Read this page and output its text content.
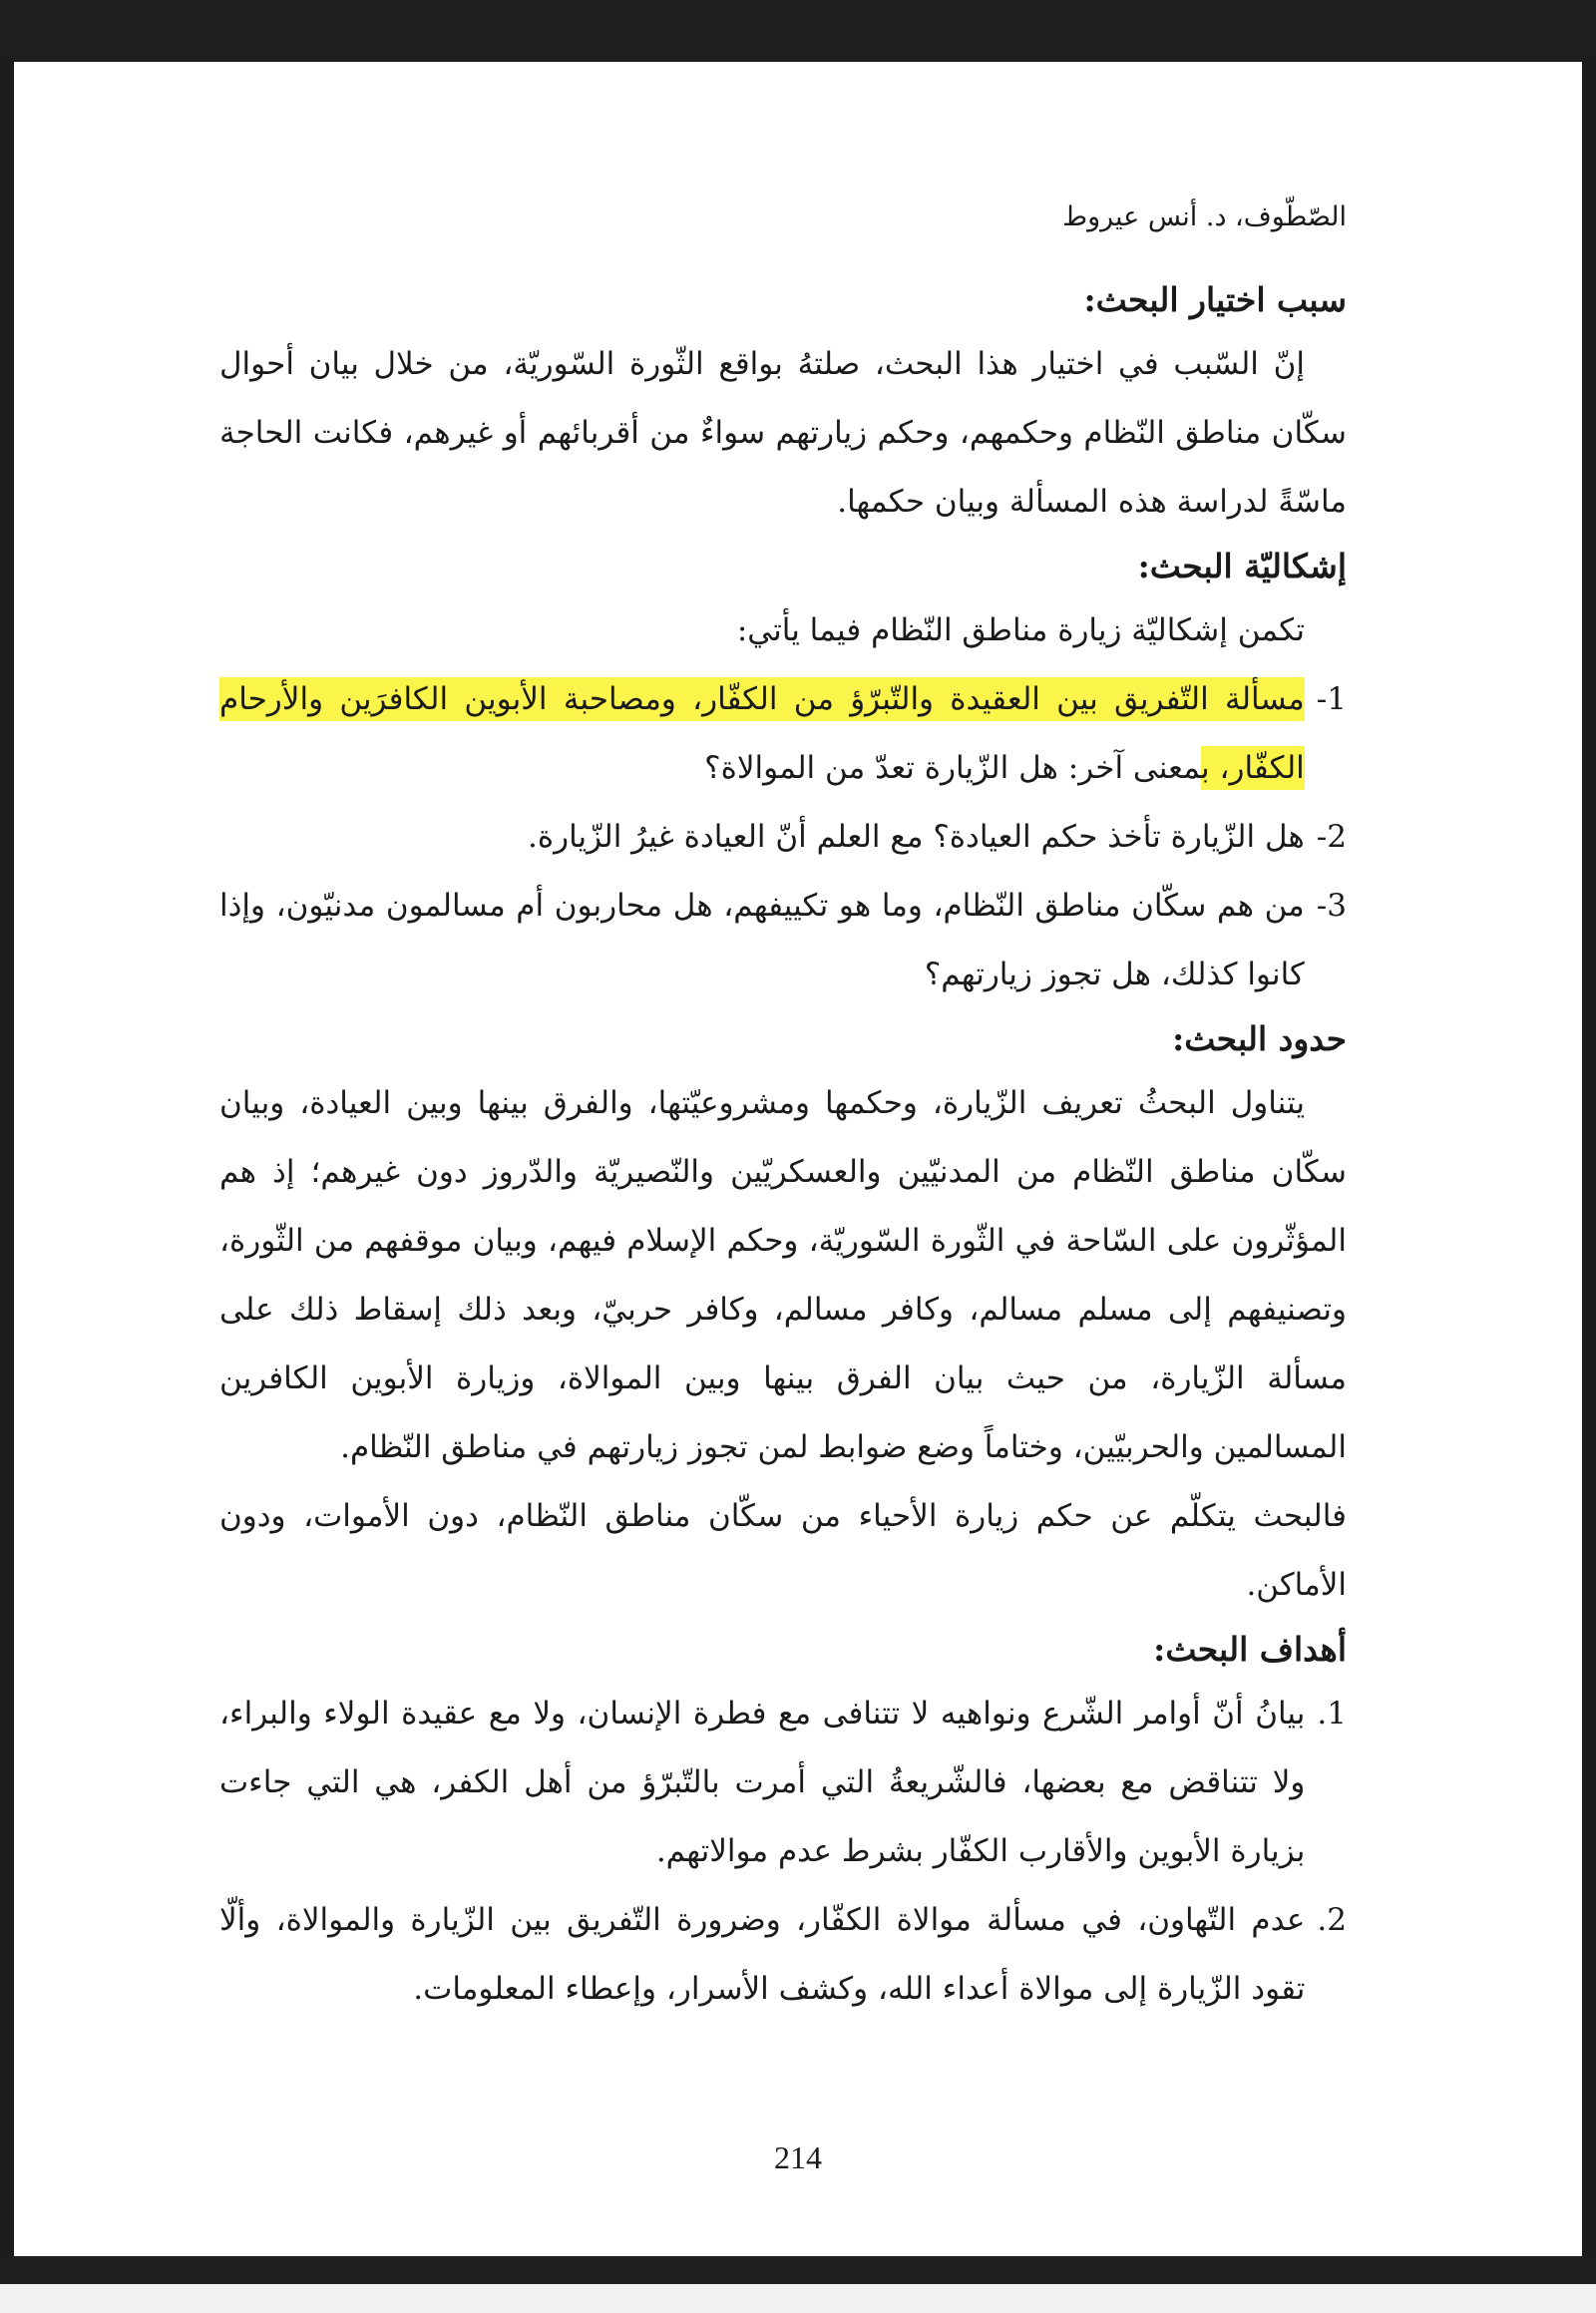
الصّطّوف، د. أنس عيروط
سبب اختيار البحث:

إنّ السّبب في اختيار هذا البحث، صلتهُ بواقع الثّورة السّوريّة، من خلال بيان أحوال سكّان مناطق النّظام وحكمهم، وحكم زيارتهم سواءٌ من أقربائهم أو غيرهم، فكانت الحاجة ماسّةً لدراسة هذه المسألة وبيان حكمها.

إشكاليّة البحث:

تكمن إشكاليّة زيارة مناطق النّظام فيما يأتي:

1-
مسألة التّفريق بين العقيدة والتّبرّؤ من الكفّار، ومصاحبة الأبوين الكافرَين والأرحام الكفّار، بمعنى آخر: هل الزّيارة تعدّ من الموالاة؟
2-
هل الزّيارة تأخذ حكم العيادة؟ مع العلم أنّ العيادة غيرُ الزّيارة.
3-
من هم سكّان مناطق النّظام، وما هو تكييفهم، هل محاربون أم مسالمون مدنيّون، وإذا كانوا كذلك، هل تجوز زيارتهم؟
حدود البحث:

يتناول البحثُ تعريف الزّيارة، وحكمها ومشروعيّتها، والفرق بينها وبين العيادة، وبيان سكّان مناطق النّظام من المدنيّين والعسكريّين والنّصيريّة والدّروز دون غيرهم؛ إذ هم المؤثّرون على السّاحة في الثّورة السّوريّة، وحكم الإسلام فيهم، وبيان موقفهم من الثّورة، وتصنيفهم إلى مسلم مسالم، وكافر مسالم، وكافر حربيّ، وبعد ذلك إسقاط ذلك على مسألة الزّيارة، من حيث بيان الفرق بينها وبين الموالاة، وزيارة الأبوين الكافرين المسالمين والحربيّين، وختاماً وضع ضوابط لمن تجوز زيارتهم في مناطق النّظام.

فالبحث يتكلّم عن حكم زيارة الأحياء من سكّان مناطق النّظام، دون الأموات، ودون الأماكن.
أهداف البحث:
1.
بيانُ أنّ أوامر الشّرع ونواهيه لا تتنافى مع فطرة الإنسان، ولا مع عقيدة الولاء والبراء، ولا تتناقض مع بعضها، فالشّريعةُ التي أمرت بالتّبرّؤ من أهل الكفر، هي التي جاءت بزيارة الأبوين والأقارب الكفّار بشرط عدم موالاتهم.
2.
عدم التّهاون، في مسألة موالاة الكفّار، وضرورة التّفريق بين الزّيارة والموالاة، وألّا تقود الزّيارة إلى موالاة أعداء الله، وكشف الأسرار، وإعطاء المعلومات.
214
